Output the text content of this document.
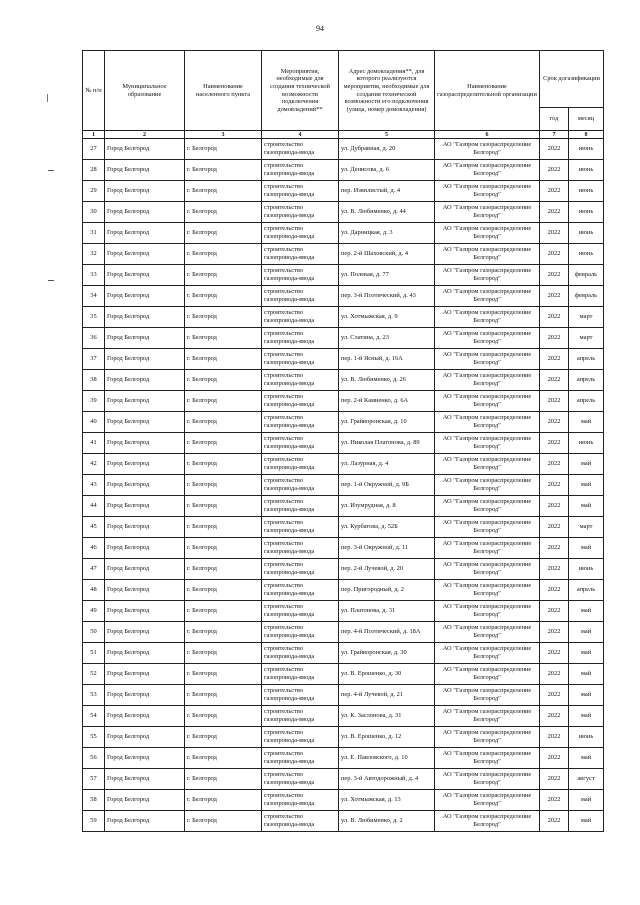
94
№ п/п	Муниципальное образование	Наименование населенного пункта	Мероприятия, необходимые для создания технической возможности подключения домовладений**	Адрес домовладения**, для которого реализуются мероприятия, необходимые для создания технической возможности его подключения (улица, номер домовладения)	Наименование газораспределительной организации	Срок догазификации	
						год	месяц
1	2	3	4	5	6	7	8
27	Город Белгород	г. Белгород	строительство газопровода-ввода	ул. Дубравная, д. 20	АО "Газпром газораспределение Белгород"	2022	июнь
28	Город Белгород	г. Белгород	строительство газопровода-ввода	ул. Денисова, д. 6	АО "Газпром газораспределение Белгород"	2022	июнь
29	Город Белгород	г. Белгород	строительство газопровода-ввода	пер. Извилистый, д. 4	АО "Газпром газораспределение Белгород"	2022	июнь
30	Город Белгород	г. Белгород	строительство газопровода-ввода	ул. В. Любименко, д. 44	АО "Газпром газораспределение Белгород"	2022	июнь
31	Город Белгород	г. Белгород	строительство газопровода-ввода	ул. Дарницкая, д. 3	АО "Газпром газораспределение Белгород"	2022	июнь
32	Город Белгород	г. Белгород	строительство газопровода-ввода	пер. 2-й Шаховский, д. 4	АО "Газпром газораспределение Белгород"	2022	июнь
33	Город Белгород	г. Белгород	строительство газопровода-ввода	ул. Полевая, д. 77	АО "Газпром газораспределение Белгород"	2022	февраль
34	Город Белгород	г. Белгород	строительство газопровода-ввода	пер. 3-й Поэтический, д. 43	АО "Газпром газораспределение Белгород"	2022	февраль
35	Город Белгород	г. Белгород	строительство газопровода-ввода	ул. Хотмыжская, д. 9	АО "Газпром газораспределение Белгород"	2022	март
36	Город Белгород	г. Белгород	строительство газопровода-ввода	ул. Слатина, д. 23	АО "Газпром газораспределение Белгород"	2022	март
37	Город Белгород	г. Белгород	строительство газопровода-ввода	пер. 1-й Ясный, д. 16А	АО "Газпром газораспределение Белгород"	2022	апрель
38	Город Белгород	г. Белгород	строительство газопровода-ввода	ул. В. Любименко, д. 26	АО "Газпром газораспределение Белгород"	2022	апрель
39	Город Белгород	г. Белгород	строительство газопровода-ввода	пер. 2-й Камненко, д. 6А	АО "Газпром газораспределение Белгород"	2022	апрель
40	Город Белгород	г. Белгород	строительство газопровода-ввода	ул. Грайворонская, д. 10	АО "Газпром газораспределение Белгород"	2022	май
41	Город Белгород	г. Белгород	строительство газопровода-ввода	ул. Николая Платонова, д. 89	АО "Газпром газораспределение Белгород"	2022	июнь
42	Город Белгород	г. Белгород	строительство газопровода-ввода	ул. Лазурная, д. 4	АО "Газпром газораспределение Белгород"	2022	май
43	Город Белгород	г. Белгород	строительство газопровода-ввода	пер. 1-й Окружной, д. 9Б	АО "Газпром газораспределение Белгород"	2022	май
44	Город Белгород	г. Белгород	строительство газопровода-ввода	ул. Изумрудная, д. 8	АО "Газпром газораспределение Белгород"	2022	май
45	Город Белгород	г. Белгород	строительство газопровода-ввода	ул. Курбатова, д. 52Б	АО "Газпром газораспределение Белгород"	2022	март
46	Город Белгород	г. Белгород	строительство газопровода-ввода	пер. 3-й Окружной, д. 11	АО "Газпром газораспределение Белгород"	2022	май
47	Город Белгород	г. Белгород	строительство газопровода-ввода	пер. 2-й Лучевой, д. 20	АО "Газпром газораспределение Белгород"	2022	июнь
48	Город Белгород	г. Белгород	строительство газопровода-ввода	пер. Пригородный, д. 2	АО "Газпром газораспределение Белгород"	2022	апрель
49	Город Белгород	г. Белгород	строительство газопровода-ввода	ул. Платонова, д. 31	АО "Газпром газораспределение Белгород"	2022	май
50	Город Белгород	г. Белгород	строительство газопровода-ввода	пер. 4-й Поэтический, д. 18А	АО "Газпром газораспределение Белгород"	2022	май
51	Город Белгород	г. Белгород	строительство газопровода-ввода	ул. Грайворонская, д. 30	АО "Газпром газораспределение Белгород"	2022	май
52	Город Белгород	г. Белгород	строительство газопровода-ввода	ул. В. Ерошенко, д. 30	АО "Газпром газораспределение Белгород"	2022	май
53	Город Белгород	г. Белгород	строительство газопровода-ввода	пер. 4-й Лучевой, д. 21	АО "Газпром газораспределение Белгород"	2022	май
54	Город Белгород	г. Белгород	строительство газопровода-ввода	ул. К. Заслонова, д. 31	АО "Газпром газораспределение Белгород"	2022	май
55	Город Белгород	г. Белгород	строительство газопровода-ввода	ул. В. Ерошенко, д. 12	АО "Газпром газораспределение Белгород"	2022	июнь
56	Город Белгород	г. Белгород	строительство газопровода-ввода	ул. Е. Павловского, д. 10	АО "Газпром газораспределение Белгород"	2022	май
57	Город Белгород	г. Белгород	строительство газопровода-ввода	пер. 3-й Автодорожный, д. 4	АО "Газпром газораспределение Белгород"	2022	август
58	Город Белгород	г. Белгород	строительство газопровода-ввода	ул. Хотмыжская, д. 13	АО "Газпром газораспределение Белгород"	2022	май
59	Город Белгород	г. Белгород	строительство газопровода-ввода	ул. В. Любименко, д. 2	АО "Газпром газораспределение Белгород"	2022	май
